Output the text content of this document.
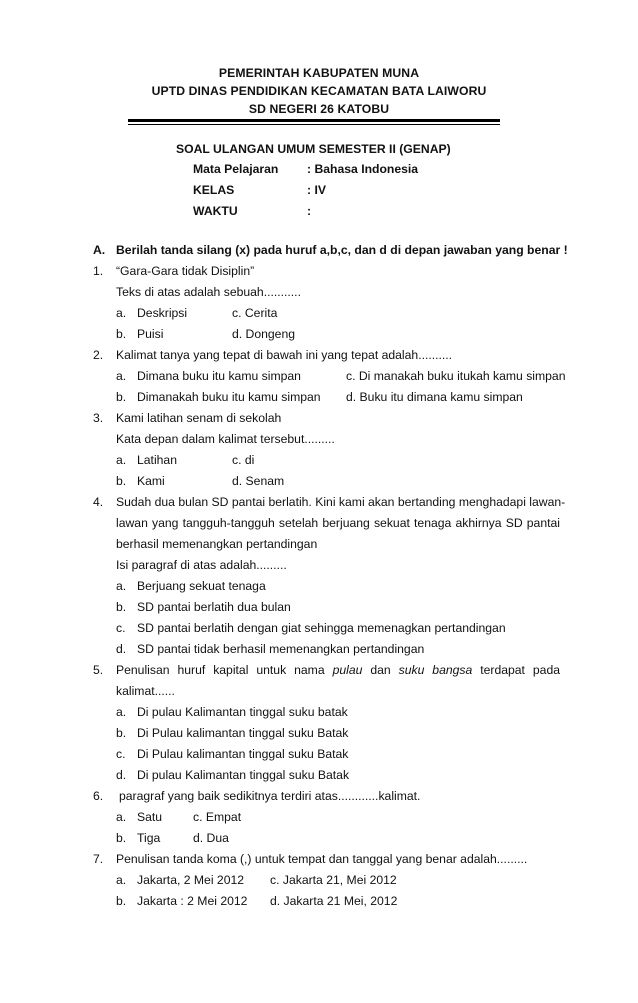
PEMERINTAH KABUPATEN MUNA
UPTD DINAS PENDIDIKAN KECAMATAN BATA LAIWORU
SD NEGERI 26 KATOBU
SOAL ULANGAN UMUM SEMESTER II (GENAP)
Mata Pelajaran : Bahasa Indonesia
KELAS	: IV
WAKTU	:
A. Berilah tanda silang (x) pada huruf a,b,c, dan d di depan jawaban yang benar !
1. “Gara-Gara tidak Disiplin”
Teks di atas adalah sebuah...........
a. Deskripsi	c. Cerita
b. Puisi	d. Dongeng
2. Kalimat tanya yang tepat di bawah ini yang tepat adalah..........
a. Dimana buku itu kamu simpan	c. Di manakah buku itukah kamu simpan
b. Dimanakah buku itu kamu simpan d. Buku itu dimana kamu simpan
3. Kami latihan senam di sekolah
Kata depan dalam kalimat tersebut.........
a. Latihan	c. di
b. Kami	d. Senam
4. Sudah dua bulan SD pantai berlatih. Kini kami akan bertanding menghadapi lawan-
lawan yang tangguh-tangguh setelah berjuang sekuat tenaga akhirnya SD pantai
berhasil memenangkan pertandingan
Isi paragraf di atas adalah.........
a. Berjuang sekuat tenaga
b. SD pantai berlatih dua bulan
c. SD pantai berlatih dengan giat sehingga memenagkan pertandingan
d. SD pantai tidak berhasil memenangkan pertandingan
5. Penulisan huruf kapital untuk nama pulau dan suku bangsa terdapat pada
kalimat......
a. Di pulau Kalimantan tinggal suku batak
b. Di Pulau kalimantan tinggal suku Batak
c. Di Pulau kalimantan tinggal suku Batak
d. Di pulau Kalimantan tinggal suku Batak
6. paragraf yang baik sedikitnya terdiri atas............kalimat.
a. Satu	c. Empat
b. Tiga	d. Dua
7. Penulisan tanda koma (,) untuk tempat dan tanggal yang benar adalah.........
a. Jakarta, 2 Mei 2012 c. Jakarta 21, Mei 2012
b. Jakarta : 2 Mei 2012 d. Jakarta 21 Mei, 2012
